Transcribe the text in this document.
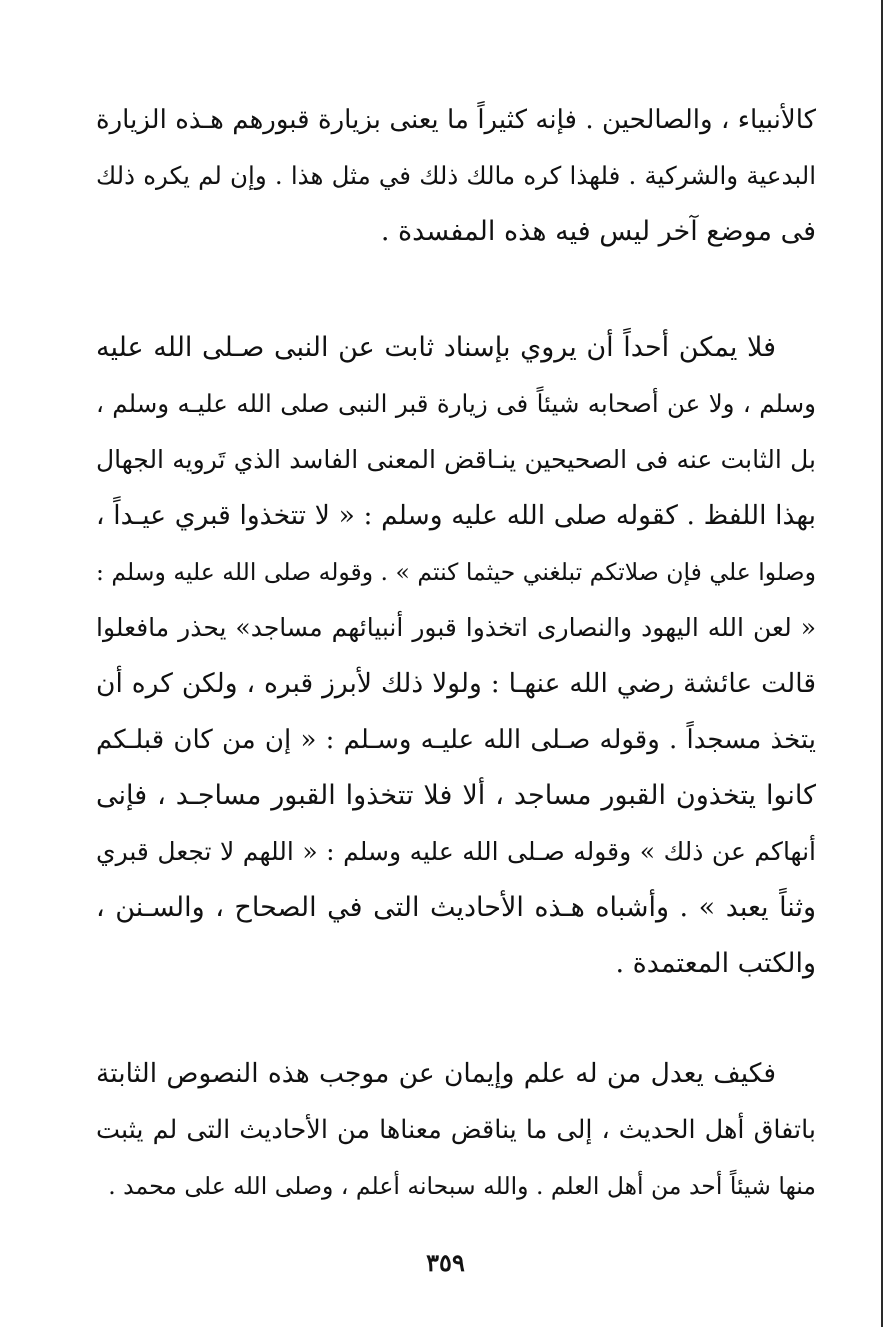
كالأنبياء ، والصالحين . فإنه كثيراً ما يعنى بزيارة قبورهم هـذه الزيارة
البدعية والشركية . فلهذا كره مالك ذلك في مثل هذا . وإن لم يكره ذلك
فى موضع آخر ليس فيه هذه المفسدة .
فلا يمكن أحداً أن يروي بإسناد ثابت عن النبى صـلى الله عليه
وسلم ، ولا عن أصحابه شيئاً فى زيارة قبر النبى صلى الله عليـه وسلم ،
بل الثابت عنه فى الصحيحين ينـاقض المعنى الفاسد الذي تَرويه الجهال
بهذا اللفظ . كقوله صلى الله عليه وسلم : « لا تتخذوا قبري عيـداً ،
وصلوا علي فإن صلاتكم تبلغني حيثما كنتم » . وقوله صلى الله عليه وسلم :
« لعن الله اليهود والنصارى اتخذوا قبور أنبيائهم مساجد» يحذر مافعلوا
قالت عائشة رضي الله عنهـا : ولولا ذلك لأبرز قبره ، ولكن كره أن
يتخذ مسجداً . وقوله صـلى الله عليـه وسـلم : « إن من كان قبلـكم
كانوا يتخذون القبور مساجد ، ألا فلا تتخذوا القبور مساجـد ، فإنى
أنهاكم عن ذلك » وقوله صـلى الله عليه وسلم : « اللهم لا تجعل قبري
وثناً يعبد » . وأشباه هـذه الأحاديث التى في الصحاح ، والسـنن ،
والكتب المعتمدة .
فكيف يعدل من له علم وإيمان عن موجب هذه النصوص الثابتة
باتفاق أهل الحديث ، إلى ما يناقض معناها من الأحاديث التى لم يثبت
منها شيئاً أحد من أهل العلم . والله سبحانه أعلم ، وصلى الله على محمد .
٣٥٩
